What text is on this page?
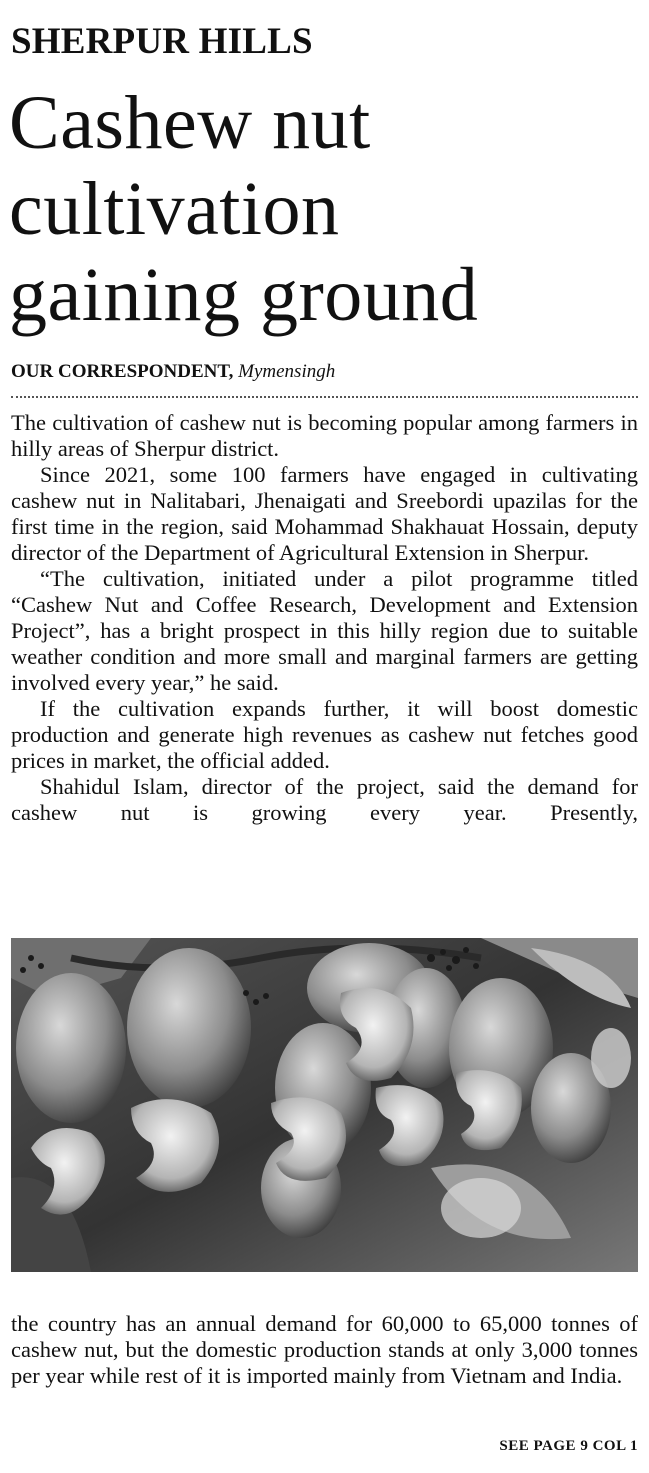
SHERPUR HILLS
Cashew nut
cultivation
gaining ground
OUR CORRESPONDENT, Mymensingh

The cultivation of cashew nut is becoming popular among farmers in hilly areas of Sherpur district.

Since 2021, some 100 farmers have engaged in cultivating cashew nut in Nalitabari, Jhenaigati and Sreebordi upazilas for the first time in the region, said Mohammad Shakhauat Hossain, deputy director of the Department of Agricultural Extension in Sherpur.

“The cultivation, initiated under a pilot programme titled “Cashew Nut and Coffee Research, Development and Extension Project”, has a bright prospect in this hilly region due to suitable weather condition and more small and marginal farmers are getting involved every year,” he said.

If the cultivation expands further, it will boost domestic production and generate high revenues as cashew nut fetches good prices in market, the official added.

Shahidul Islam, director of the project, said the demand for cashew nut is growing every year. Presently,

the country has an annual demand for 60,000 to 65,000 tonnes of cashew nut, but the domestic production stands at only 3,000 tonnes per year while rest of it is imported mainly from Vietnam and India.

SEE PAGE 9 COL 1
